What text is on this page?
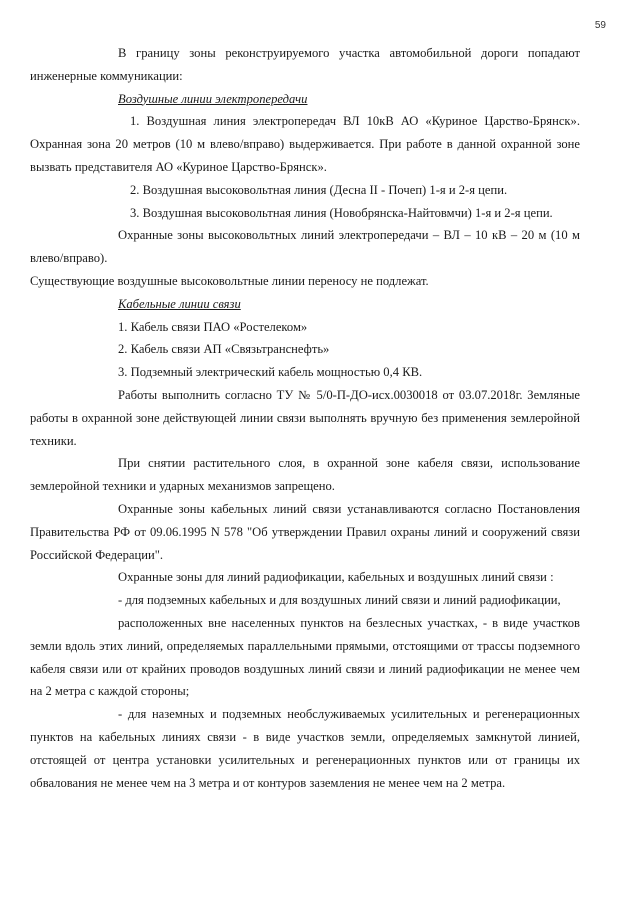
59

В границу зоны реконструируемого участка автомобильной дороги попадают инженерные коммуникации:

Воздушные линии электропередачи

1. Воздушная линия электропередач ВЛ 10кВ АО «Куриное Царство-Брянск». Охранная зона 20 метров (10 м влево/вправо) выдерживается. При работе в данной охранной зоне вызвать представителя АО «Куриное Царство-Брянск».

2. Воздушная высоковольтная линия (Десна II - Почеп) 1-я и 2-я цепи.

3. Воздушная высоковольтная линия (Новобрянска-Найтовмчи) 1-я и 2-я цепи.

Охранные зоны высоковольтных линий электропередачи – ВЛ – 10 кВ – 20 м (10 м влево/вправо).

Существующие воздушные высоковольтные линии переносу не подлежат.

Кабельные линии связи

1. Кабель связи ПАО «Ростелеком»

2. Кабель связи АП «Связьтранснефть»

3. Подземный электрический кабель мощностью 0,4 КВ.

Работы выполнить согласно ТУ № 5/0-П-ДО-исх.0030018 от 03.07.2018г. Земляные работы в охранной зоне действующей линии связи выполнять вручную без применения землеройной техники.

При снятии растительного слоя, в охранной зоне кабеля связи, использование землеройной техники и ударных механизмов запрещено.

Охранные зоны кабельных линий связи устанавливаются согласно Постановления Правительства РФ от 09.06.1995 N 578 "Об утверждении Правил охраны линий и сооружений связи Российской Федерации".

Охранные зоны для линий радиофикации, кабельных и воздушных линий связи :

- для подземных кабельных и для воздушных линий связи и линий радиофикации,

расположенных вне населенных пунктов на безлесных участках, - в виде участков земли вдоль этих линий, определяемых параллельными прямыми, отстоящими от трассы подземного кабеля связи или от крайних проводов воздушных линий связи и линий радиофикации не менее чем на 2 метра с каждой стороны;

- для наземных и подземных необслуживаемых усилительных и регенерационных пунктов на кабельных линиях связи - в виде участков земли, определяемых замкнутой линией, отстоящей от центра установки усилительных и регенерационных пунктов или от границы их обвалования не менее чем на 3 метра и от контуров заземления не менее чем на 2 метра.
